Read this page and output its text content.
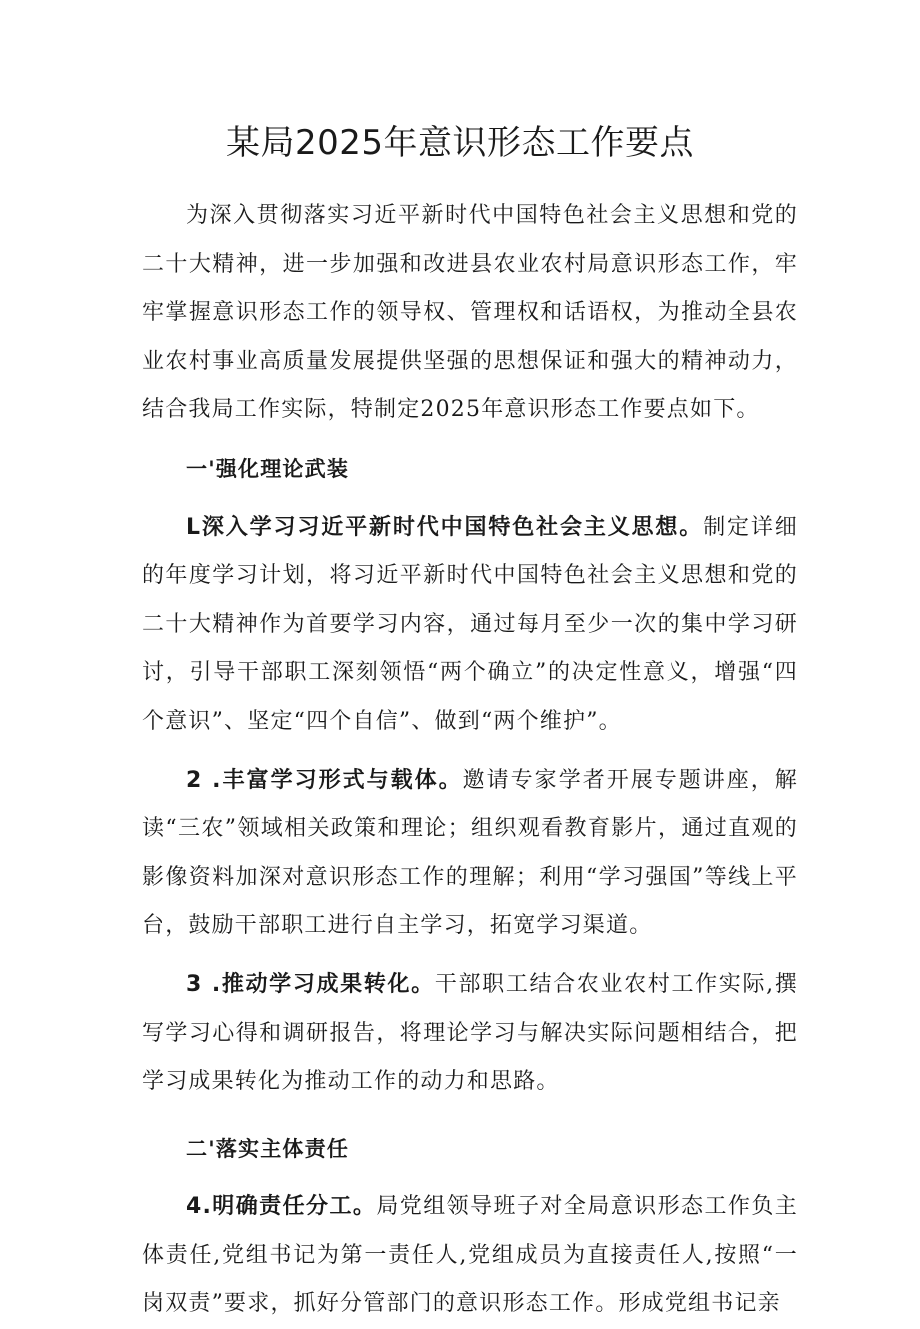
某局2025年意识形态工作要点

为深入贯彻落实习近平新时代中国特色社会主义思想和党的二十大精神，进一步加强和改进县农业农村局意识形态工作，牢牢掌握意识形态工作的领导权、管理权和话语权，为推动全县农业农村事业高质量发展提供坚强的思想保证和强大的精神动力，结合我局工作实际，特制定2025年意识形态工作要点如下。

一'强化理论武装

L深入学习习近平新时代中国特色社会主义思想。制定详细的年度学习计划，将习近平新时代中国特色社会主义思想和党的二十大精神作为首要学习内容，通过每月至少一次的集中学习研讨，引导干部职工深刻领悟“两个确立”的决定性意义，增强“四个意识”、坚定“四个自信”、做到“两个维护”。

2 .丰富学习形式与载体。邀请专家学者开展专题讲座，解读“三农”领域相关政策和理论；组织观看教育影片，通过直观的影像资料加深对意识形态工作的理解；利用“学习强国”等线上平台，鼓励干部职工进行自主学习，拓宽学习渠道。

3 .推动学习成果转化。干部职工结合农业农村工作实际,撰写学习心得和调研报告，将理论学习与解决实际问题相结合，把学习成果转化为推动工作的动力和思路。

二'落实主体责任

4.明确责任分工。局党组领导班子对全局意识形态工作负主体责任,党组书记为第一责任人,党组成员为直接责任人,按照“一岗双责”要求，抓好分管部门的意识形态工作。形成党组书记亲
